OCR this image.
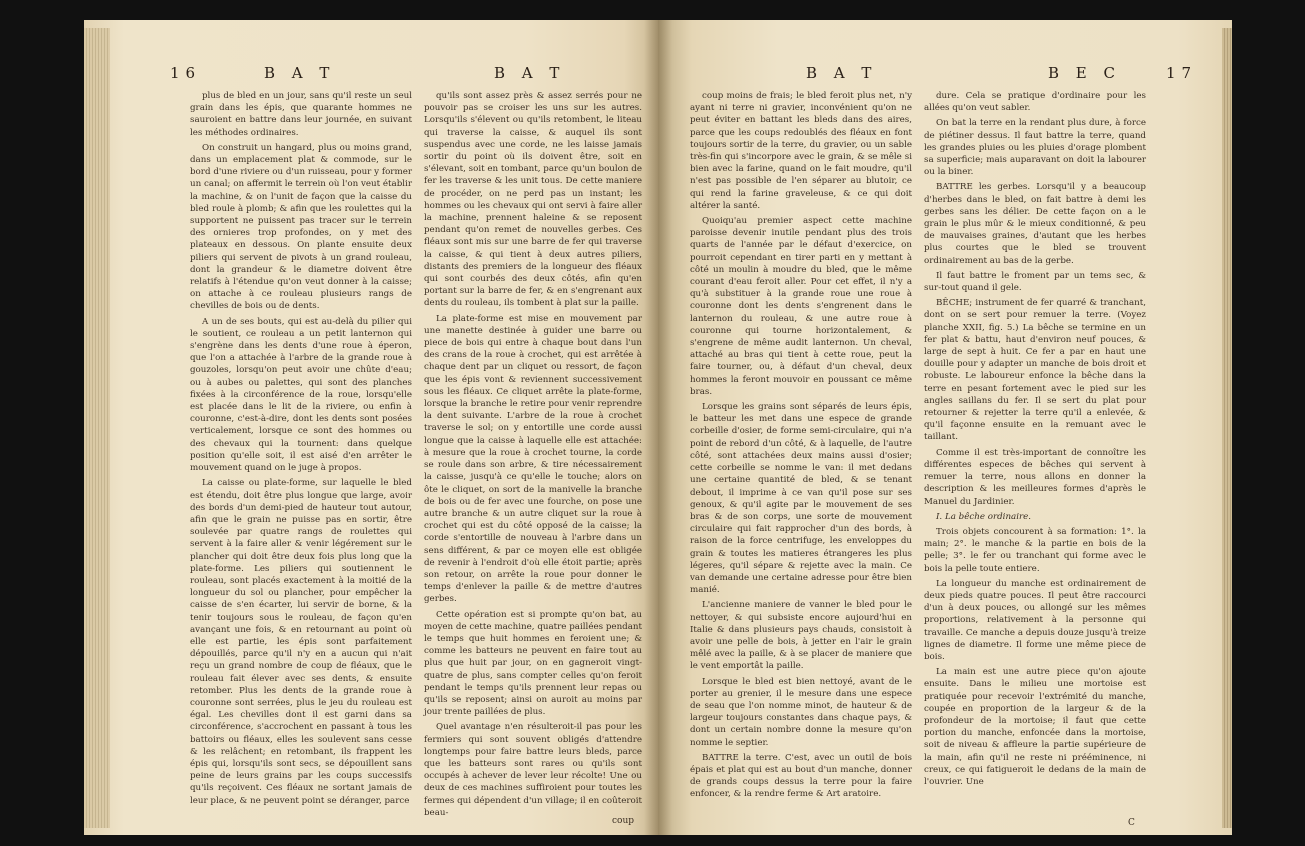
16	B A T	B A T

plus de bled en un jour, sans qu'il reste un seul grain dans les épis, que quarante hommes ne sauroient en battre dans leur journée, en suivant les méthodes ordinaires.

On construit un hangard, plus ou moins grand, dans un emplacement plat & commode, sur le bord d'une riviere ou d'un ruisseau, pour y former un canal; on affermit le terrein où l'on veut établir la machine, & on l'unit de façon que la caisse du bled roule à plomb; & afin que les roulettes qui la supportent ne puissent pas tracer sur le terrein des ornieres trop profondes, on y met des plateaux en dessous. On plante ensuite deux piliers qui servent de pivots à un grand rouleau, dont la grandeur & le diametre doivent être relatifs à l'étendue qu'on veut donner à la caisse; on attache à ce rouleau plusieurs rangs de chevilles de bois ou de dents.

A un de ses bouts, qui est au-delà du pilier qui le soutient, ce rouleau a un petit lanternon qui s'engrène dans les dents d'une roue à éperon, que l'on a attachée à l'arbre de la grande roue à gouzoles, lorsqu'on peut avoir une chûte d'eau; ou à aubes ou palettes, qui sont des planches fixées à la circonférence de la roue, lorsqu'elle est placée dans le lit de la riviere, ou enfin à couronne, c'est-à-dire, dont les dents sont posées verticalement, lorsque ce sont des hommes ou des chevaux qui la tournent: dans quelque position qu'elle soit, il est aisé d'en arrêter le mouvement quand on le juge à propos.

La caisse ou plate-forme, sur laquelle le bled est étendu, doit être plus longue que large, avoir des bords d'un demi-pied de hauteur tout autour, afin que le grain ne puisse pas en sortir, être soulevée par quatre rangs de roulettes qui servent à la faire aller & venir légérement sur le plancher qui doit être deux fois plus long que la plate-forme. Les piliers qui soutiennent le rouleau, sont placés exactement à la moitié de la longueur du sol ou plancher, pour empêcher la caisse de s'en écarter, lui servir de borne, & la tenir toujours sous le rouleau, de façon qu'en avançant une fois, & en retournant au point où elle est partie, les épis sont parfaitement dépouillés, parce qu'il n'y en a aucun qui n'ait reçu un grand nombre de coup de fléaux, que le rouleau fait élever avec ses dents, & ensuite retomber. Plus les dents de la grande roue à couronne sont serrées, plus le jeu du rouleau est égal. Les chevilles dont il est garni dans sa circonférence, s'accrochent en passant à tous les battoirs ou fléaux, elles les soulevent sans cesse & les relâchent; en retombant, ils frappent les épis qui, lorsqu'ils sont secs, se dépouillent sans peine de leurs grains par les coups successifs qu'ils reçoivent. Ces fléaux ne sortant jamais de leur place, & ne peuvent point se déranger, parce

qu'ils sont assez près & assez serrés pour ne pouvoir pas se croiser les uns sur les autres. Lorsqu'ils s'élevent ou qu'ils retombent, le liteau qui traverse la caisse, & auquel ils sont suspendus avec une corde, ne les laisse jamais sortir du point où ils doivent être, soit en s'élevant, soit en tombant, parce qu'un boulon de fer les traverse & les unit tous. De cette maniere de procéder, on ne perd pas un instant; les hommes ou les chevaux qui ont servi à faire aller la machine, prennent haleine & se reposent pendant qu'on remet de nouvelles gerbes. Ces fléaux sont mis sur une barre de fer qui traverse la caisse, & qui tient à deux autres piliers, distants des premiers de la longueur des fléaux qui sont courbés des deux côtés, afin qu'en portant sur la barre de fer, & en s'engrenant aux dents du rouleau, ils tombent à plat sur la paille.

La plate-forme est mise en mouvement par une manette destinée à guider une barre ou piece de bois qui entre à chaque bout dans l'un des crans de la roue à crochet, qui est arrêtée à chaque dent par un cliquet ou ressort, de façon que les épis vont & reviennent successivement sous les fléaux. Ce cliquet arrête la plate-forme, lorsque la branche le retire pour venir reprendre la dent suivante. L'arbre de la roue à crochet traverse le sol; on y entortille une corde aussi longue que la caisse à laquelle elle est attachée: à mesure que la roue à crochet tourne, la corde se roule dans son arbre, & tire nécessairement la caisse, jusqu'à ce qu'elle le touche; alors on ôte le cliquet, on sort de la manivelle la branche de bois ou de fer avec une fourche, on pose une autre branche & un autre cliquet sur la roue à crochet qui est du côté opposé de la caisse; la corde s'entortille de nouveau à l'arbre dans un sens différent, & par ce moyen elle est obligée de revenir à l'endroit d'où elle étoit partie; après son retour, on arrête la roue pour donner le temps d'enlever la paille & de mettre d'autres gerbes.

Cette opération est si prompte qu'on bat, au moyen de cette machine, quatre paillées pendant le temps que huit hommes en feroient une; & comme les batteurs ne peuvent en faire tout au plus que huit par jour, on en gagneroit vingt-quatre de plus, sans compter celles qu'on feroit pendant le temps qu'ils prennent leur repas ou qu'ils se reposent; ainsi on auroit au moins par jour trente paillées de plus.

Quel avantage n'en résulteroit-il pas pour les fermiers qui sont souvent obligés d'attendre longtemps pour faire battre leurs bleds, parce que les batteurs sont rares ou qu'ils sont occupés à achever de lever leur récolte! Une ou deux de ces machines suffiroient pour toutes les fermes qui dépendent d'un village; il en coûteroit beau-

coup
B A T	B E C	17

coup moins de frais; le bled feroit plus net, n'y ayant ni terre ni gravier, inconvénient qu'on ne peut éviter en battant les bleds dans des aires, parce que les coups redoublés des fléaux en font toujours sortir de la terre, du gravier, ou un sable très-fin qui s'incorpore avec le grain, & se mêle si bien avec la farine, quand on le fait moudre, qu'il n'est pas possible de l'en séparer au blutoir, ce qui rend la farine graveleuse, & ce qui doit altérer la santé.

Quoiqu'au premier aspect cette machine paroisse devenir inutile pendant plus des trois quarts de l'année par le défaut d'exercice, on pourroit cependant en tirer parti en y mettant à côté un moulin à moudre du bled, que le même courant d'eau feroit aller. Pour cet effet, il n'y a qu'à substituer à la grande roue une roue à couronne dont les dents s'engrenent dans le lanternon du rouleau, & une autre roue à couronne qui tourne horizontalement, & s'engrene de même audit lanternon. Un cheval, attaché au bras qui tient à cette roue, peut la faire tourner, ou, à défaut d'un cheval, deux hommes la feront mouvoir en poussant ce même bras.

Lorsque les grains sont séparés de leurs épis, le batteur les met dans une espece de grande corbeille d'osier, de forme semi-circulaire, qui n'a point de rebord d'un côté, & à laquelle, de l'autre côté, sont attachées deux mains aussi d'osier; cette corbeille se nomme le van: il met dedans une certaine quantité de bled, & se tenant debout, il imprime à ce van qu'il pose sur ses genoux, & qu'il agite par le mouvement de ses bras & de son corps, une sorte de mouvement circulaire qui fait rapprocher d'un des bords, à raison de la force centrifuge, les enveloppes du grain & toutes les matieres étrangeres les plus légeres, qu'il sépare & rejette avec la main. Ce van demande une certaine adresse pour être bien manié.

L'ancienne maniere de vanner le bled pour le nettoyer, & qui subsiste encore aujourd'hui en Italie & dans plusieurs pays chauds, consistoit à avoir une pelle de bois, à jetter en l'air le grain mêlé avec la paille, & à se placer de maniere que le vent emportât la paille.

Lorsque le bled est bien nettoyé, avant de le porter au grenier, il le mesure dans une espece de seau que l'on nomme minot, de hauteur & de largeur toujours constantes dans chaque pays, & dont un certain nombre donne la mesure qu'on nomme le septier.

BATTRE la terre. C'est, avec un outil de bois épais et plat qui est au bout d'un manche, donner de grands coups dessus la terre pour la faire enfoncer, & la rendre ferme & Art aratoire.

dure. Cela se pratique d'ordinaire pour les allées qu'on veut sabler.

On bat la terre en la rendant plus dure, à force de piétiner dessus. Il faut battre la terre, quand les grandes pluies ou les pluies d'orage plombent sa superficie; mais auparavant on doit la labourer ou la biner.

BATTRE les gerbes. Lorsqu'il y a beaucoup d'herbes dans le bled, on fait battre à demi les gerbes sans les délier. De cette façon on a le grain le plus mûr & le mieux conditionné, & peu de mauvaises graines, d'autant que les herbes plus courtes que le bled se trouvent ordinairement au bas de la gerbe.

Il faut battre le froment par un tems sec, & sur-tout quand il gele.

BÊCHE; instrument de fer quarré & tranchant, dont on se sert pour remuer la terre. (Voyez planche XXII, fig. 5.) La bêche se termine en un fer plat & battu, haut d'environ neuf pouces, & large de sept à huit. Ce fer a par en haut une douille pour y adapter un manche de bois droit et robuste. Le laboureur enfonce la bêche dans la terre en pesant fortement avec le pied sur les angles saillans du fer. Il se sert du plat pour retourner & rejetter la terre qu'il a enlevée, & qu'il façonne ensuite en la remuant avec le taillant.

Comme il est très-important de connoître les différentes especes de bêches qui servent à remuer la terre, nous allons en donner la description & les meilleures formes d'après le Manuel du Jardinier.

I. La bêche ordinaire.

Trois objets concourent à sa formation: 1°. la main; 2°. le manche & la partie en bois de la pelle; 3°. le fer ou tranchant qui forme avec le bois la pelle toute entiere.

La longueur du manche est ordinairement de deux pieds quatre pouces. Il peut être raccourci d'un à deux pouces, ou allongé sur les mêmes proportions, relativement à la personne qui travaille. Ce manche a depuis douze jusqu'à treize lignes de diametre. Il forme une même piece de bois.

La main est une autre piece qu'on ajoute ensuite. Dans le milieu une mortoise est pratiquée pour recevoir l'extrémité du manche, coupée en proportion de la largeur & de la profondeur de la mortoise; il faut que cette portion du manche, enfoncée dans la mortoise, soit de niveau & affleure la partie supérieure de la main, afin qu'il ne reste ni prééminence, ni creux, ce qui fatigueroit le dedans de la main de l'ouvrier. Une

C
